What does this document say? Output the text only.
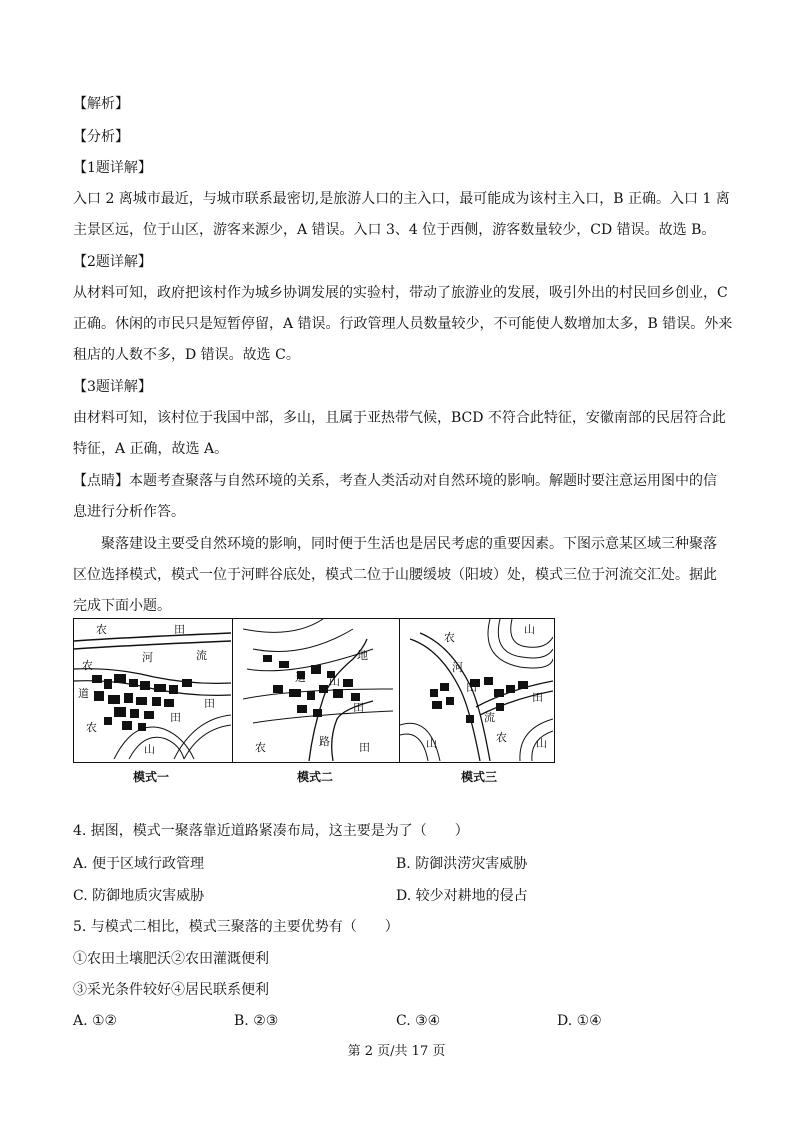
【解析】
【分析】
【1题详解】
入口 2 离城市最近，与城市联系最密切,是旅游人口的主入口，最可能成为该村主入口，B 正确。入口 1 离
主景区远，位于山区，游客来源少，A 错误。入口 3、4 位于西侧，游客数量较少，CD 错误。故选 B。
【2题详解】
从材料可知，政府把该村作为城乡协调发展的实验村，带动了旅游业的发展，吸引外出的村民回乡创业，C
正确。休闲的市民只是短暂停留，A 错误。行政管理人员数量较少，不可能使人数增加太多，B 错误。外来
租店的人数不多，D 错误。故选 C。
【3题详解】
由材料可知，该村位于我国中部，多山，且属于亚热带气候，BCD 不符合此特征，安徽南部的民居符合此
特征，A 正确，故选 A。
【点睛】本题考查聚落与自然环境的关系，考查人类活动对自然环境的影响。解题时要注意运用图中的信
息进行分析作答。
　　聚落建设主要受自然环境的影响，同时便于生活也是居民考虑的重要因素。下图示意某区域三种聚落
区位选择模式，模式一位于河畔谷底处，模式二位于山腰缓坡（阳坡）处，模式三位于河流交汇处。据此
完成下面小题。
农	田
河	流
农
道
田
农
山
田
模式一
地
道 山
田
农	路	田
模式二
农
山
河
田
田
流
农
山	山
模式三
4. 据图，模式一聚落靠近道路紧凑布局，这主要是为了（　　）
A. 便于区域行政管理	B. 防御洪涝灾害威胁
C. 防御地质灾害威胁	D. 较少对耕地的侵占
5. 与模式二相比，模式三聚落的主要优势有（　　）
①农田土壤肥沃②农田灌溉便利
③采光条件较好④居民联系便利
A. ①②	B. ②③	C. ③④	D. ①④
第 2 页/共 17 页
